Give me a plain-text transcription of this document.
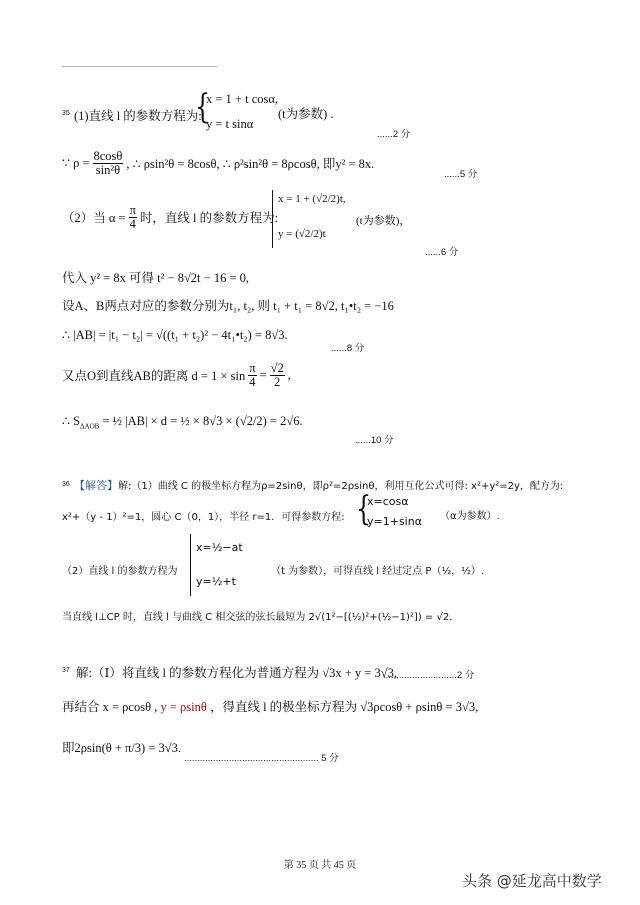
35 (1)直线 l 的参数方程为:
{
x = 1 + t cosα,
y = t sinα
(t为参数) .
......2 分
∵ $\rho = \frac{8\cos\theta}{\text{sin²θ}}$ , ∴ ρsin²θ = 8cosθ, ∴ ρ²sin²θ = 8ρcosθ, 即y² = 8x.
......5 分
（2）当 $\alpha = \frac{\pi}{4}$ 时，直线 l 的参数方程为:
x = 1 + (√2/2)t,
y = (√2/2)t
(t为参数)，
......6 分
代入 y² = 8x 可得 t² − 8√2t − 16 = 0,
设A、B两点对应的参数分别为t₁, t₂, 则 t₁ + t₁ = 8√2, t₁•t₂ = −16
∴ |AB| = |t₁ − t₂| = √((t₁ + t₂)² − 4t₁•t₂) = 8√3.
......8 分
又点O到直线AB的距离 $d = 1 \times \sin \frac{\pi}{4} = \frac{√2}{2}$ ,
∴ $S_{\Delta AOB}$ = ½ |AB| × d = ½ × 8√3 × (√2/2) = 2√6.
......10 分
36 【解答】 解:（1）曲线 C 的极坐标方程为ρ=2sinθ，即ρ²=2ρsinθ，利用互化公式可得: x²+y²=2y，配方为:
x²+（y - 1）²=1，圆心 C（0，1），半径 r=1．可得参数方程: {
x=cosα
y=1+sinα （α为参数）.
（2）直线 l 的参数方程为
x=½−at
y=½+t
（t 为参数），可得直线 l 经过定点 P（½，½）.
当直线 l⊥CP 时，直线 l 与曲线 C 相交弦的弦长最短为 2√(1²−[(½)²+(½−1)²]) = √2.
37 解:（Ⅰ）将直线 l 的参数方程化为普通方程为 √3x + y = 3√3,
............................2 分
再结合 x = ρcosθ , y = ρsinθ ，得直线 l 的极坐标方程为 √3ρcosθ + ρsinθ = 3√3,
即2ρsin(θ + π/3) = 3√3.
................................................... 5 分
第 35 页 共 45 页
头条 @延龙高中数学
